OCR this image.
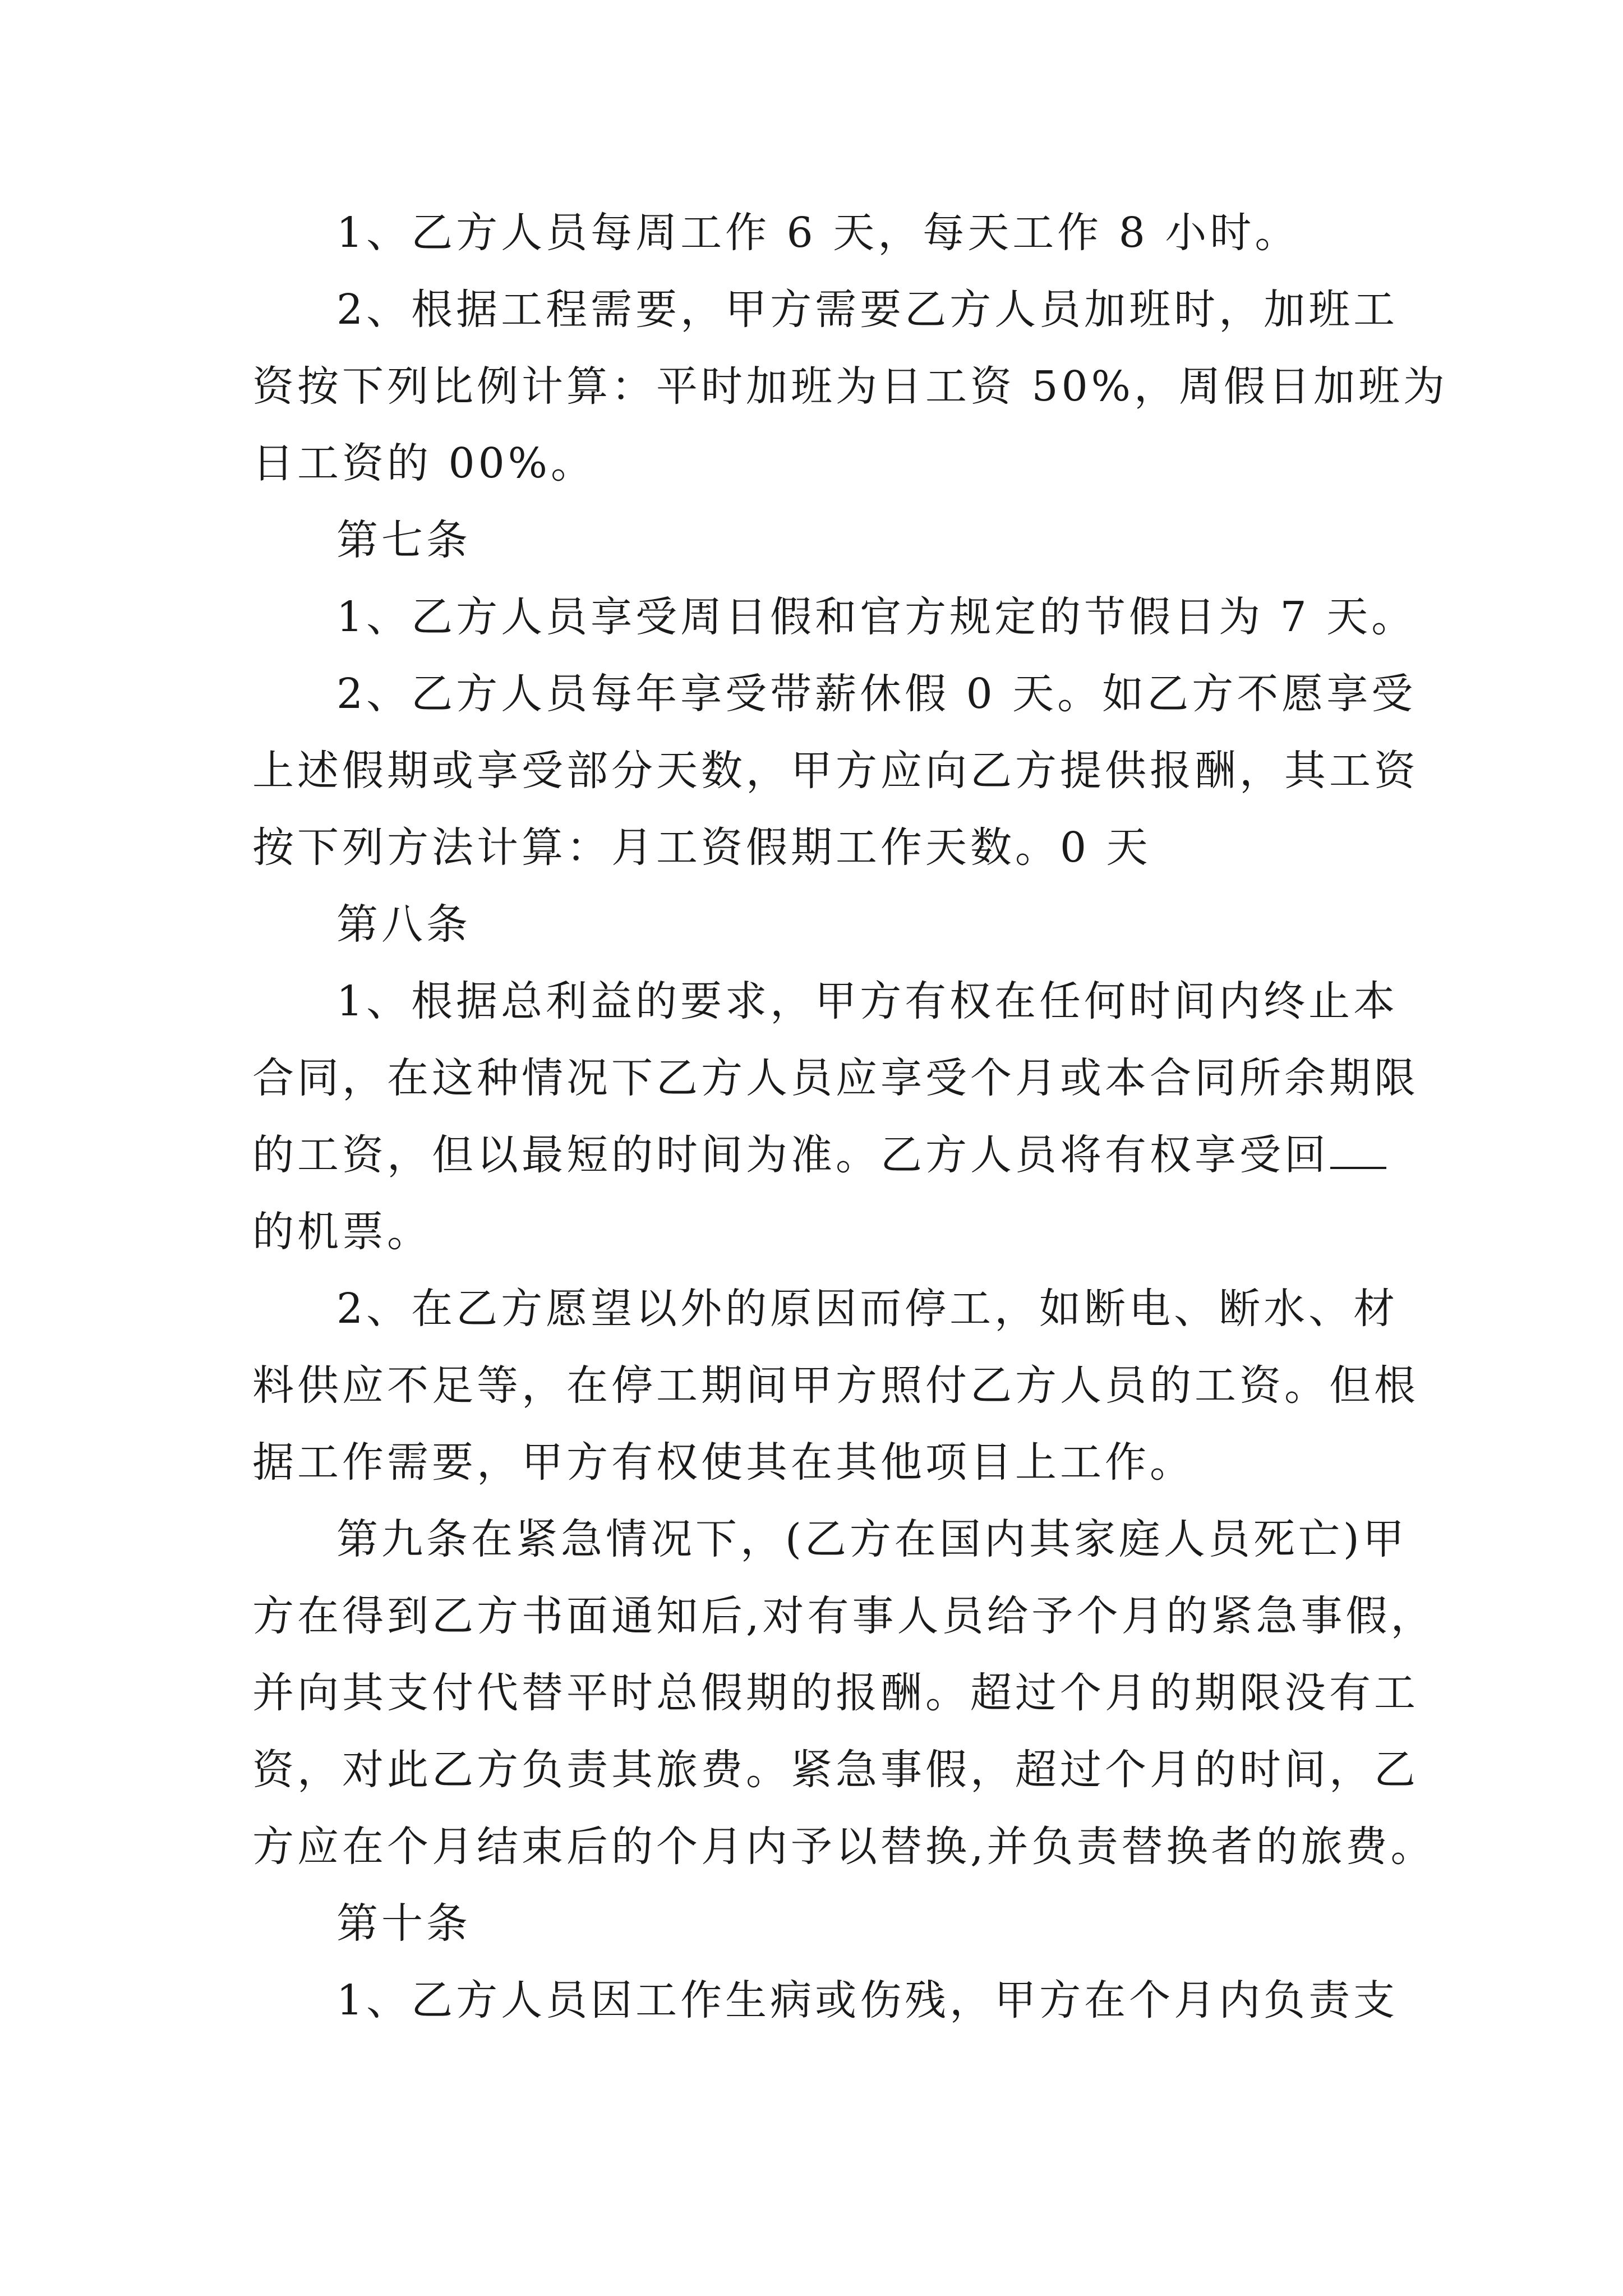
1、乙方人员每周工作 6 天，每天工作 8 小时。
2、根据工程需要，甲方需要乙方人员加班时，加班工
资按下列比例计算：平时加班为日工资 50%，周假日加班为
日工资的 00%。
第七条
1、乙方人员享受周日假和官方规定的节假日为 7 天。
2、乙方人员每年享受带薪休假 0 天。如乙方不愿享受
上述假期或享受部分天数，甲方应向乙方提供报酬，其工资
按下列方法计算：月工资假期工作天数。0 天
第八条
1、根据总利益的要求，甲方有权在任何时间内终止本
合同，在这种情况下乙方人员应享受个月或本合同所余期限
的工资，但以最短的时间为准。乙方人员将有权享受回
的机票。
2、在乙方愿望以外的原因而停工，如断电、断水、材
料供应不足等，在停工期间甲方照付乙方人员的工资。但根
据工作需要，甲方有权使其在其他项目上工作。
第九条在紧急情况下，(乙方在国内其家庭人员死亡)甲
方在得到乙方书面通知后,对有事人员给予个月的紧急事假，
并向其支付代替平时总假期的报酬。超过个月的期限没有工
资，对此乙方负责其旅费。紧急事假，超过个月的时间，乙
方应在个月结束后的个月内予以替换,并负责替换者的旅费。
第十条
1、乙方人员因工作生病或伤残，甲方在个月内负责支
